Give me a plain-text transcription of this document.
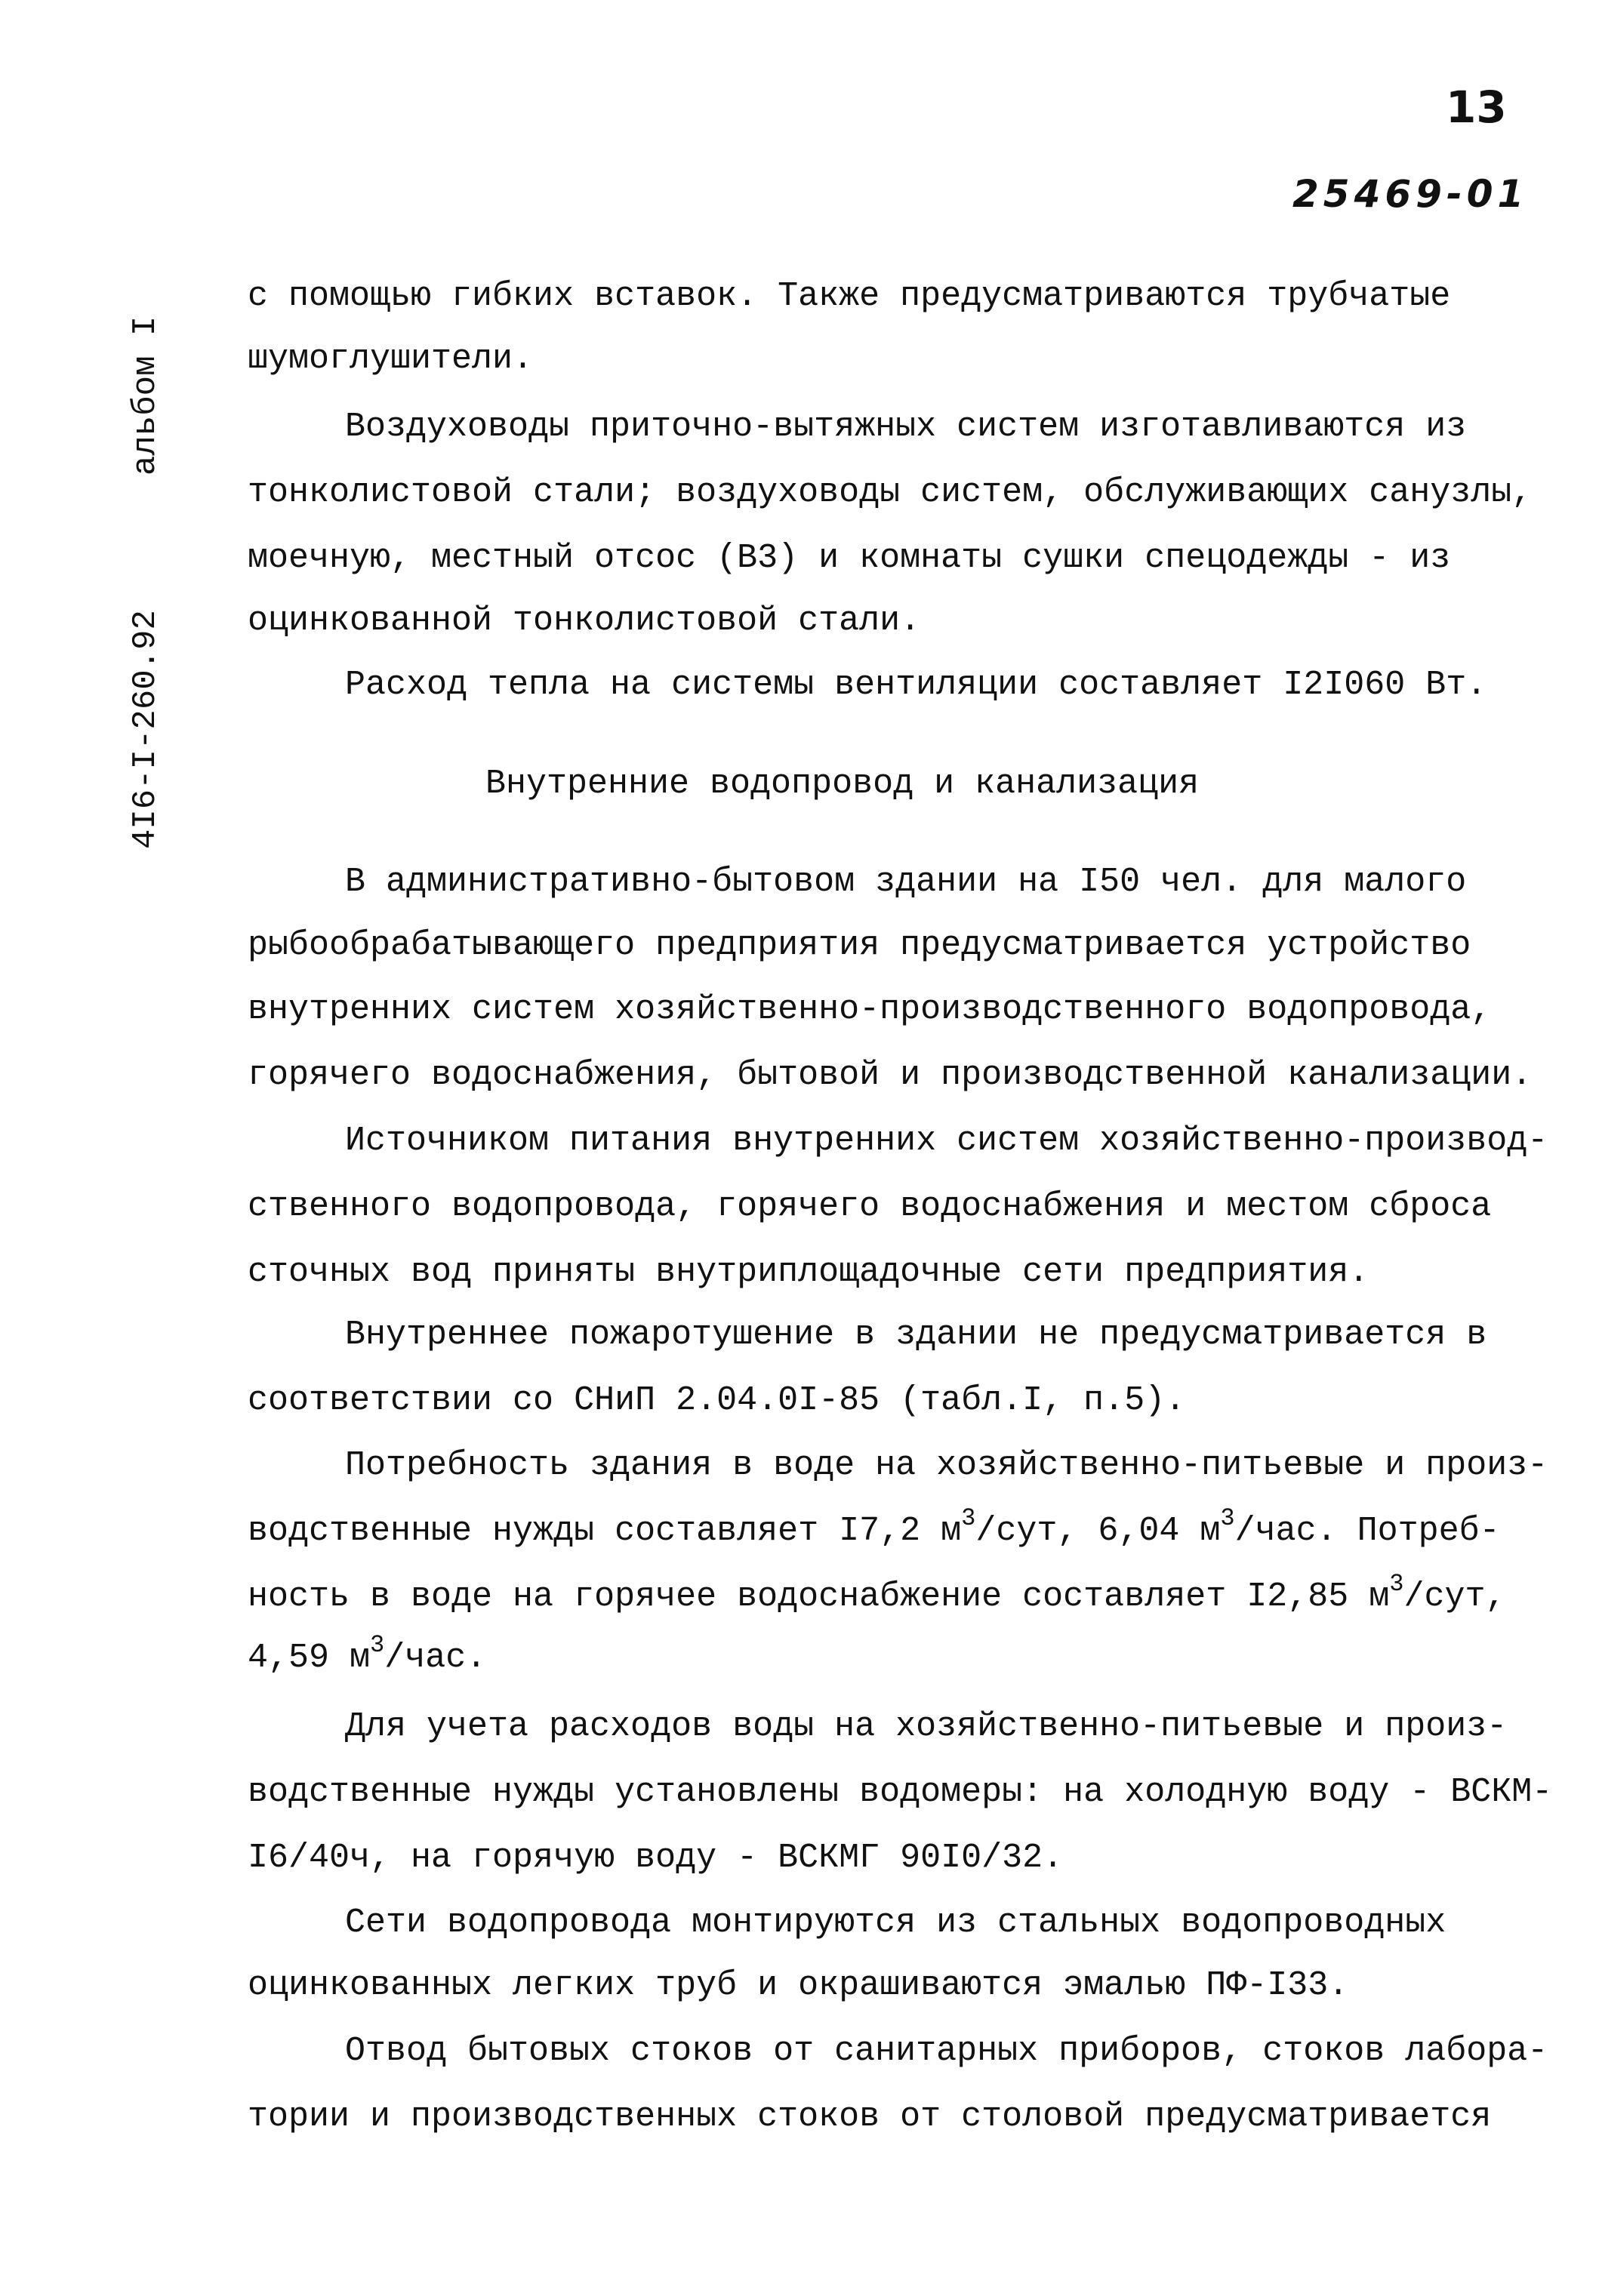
13
25469-01
4I6-I-260.92
альбом I
с помощью гибких вставок. Также предусматриваются трубчатые
шумоглушители.
Воздуховоды приточно-вытяжных систем изготавливаются из
тонколистовой стали; воздуховоды систем, обслуживающих санузлы,
моечную, местный отсос (В3) и комнаты сушки спецодежды - из
оцинкованной тонколистовой стали.
Расход тепла на системы вентиляции составляет I2I060 Вт.
Внутренние водопровод и канализация
В административно-бытовом здании на I50 чел. для малого
рыбообрабатывающего предприятия предусматривается устройство
внутренних систем хозяйственно-производственного водопровода,
горячего водоснабжения, бытовой и производственной канализации.
Источником питания внутренних систем хозяйственно-производ-
ственного водопровода, горячего водоснабжения и местом сброса
сточных вод приняты внутриплощадочные сети предприятия.
Внутреннее пожаротушение в здании не предусматривается в
соответствии со СНиП 2.04.0I-85 (табл.I, п.5).
Потребность здания в воде на хозяйственно-питьевые и произ-
водственные нужды составляет I7,2 $м^3$/сут, 6,04 $м^3$/час. Потреб-
ность в воде на горячее водоснабжение составляет I2,85 $м^3$/сут,
4,59 $м^3$/час.
Для учета расходов воды на хозяйственно-питьевые и произ-
водственные нужды установлены водомеры: на холодную воду - ВСКМ-
I6/40ч, на горячую воду - ВСКМГ 90I0/32.
Сети водопровода монтируются из стальных водопроводных
оцинкованных легких труб и окрашиваются эмалью ПФ-I33.
Отвод бытовых стоков от санитарных приборов, стоков лабора-
тории и производственных стоков от столовой предусматривается
